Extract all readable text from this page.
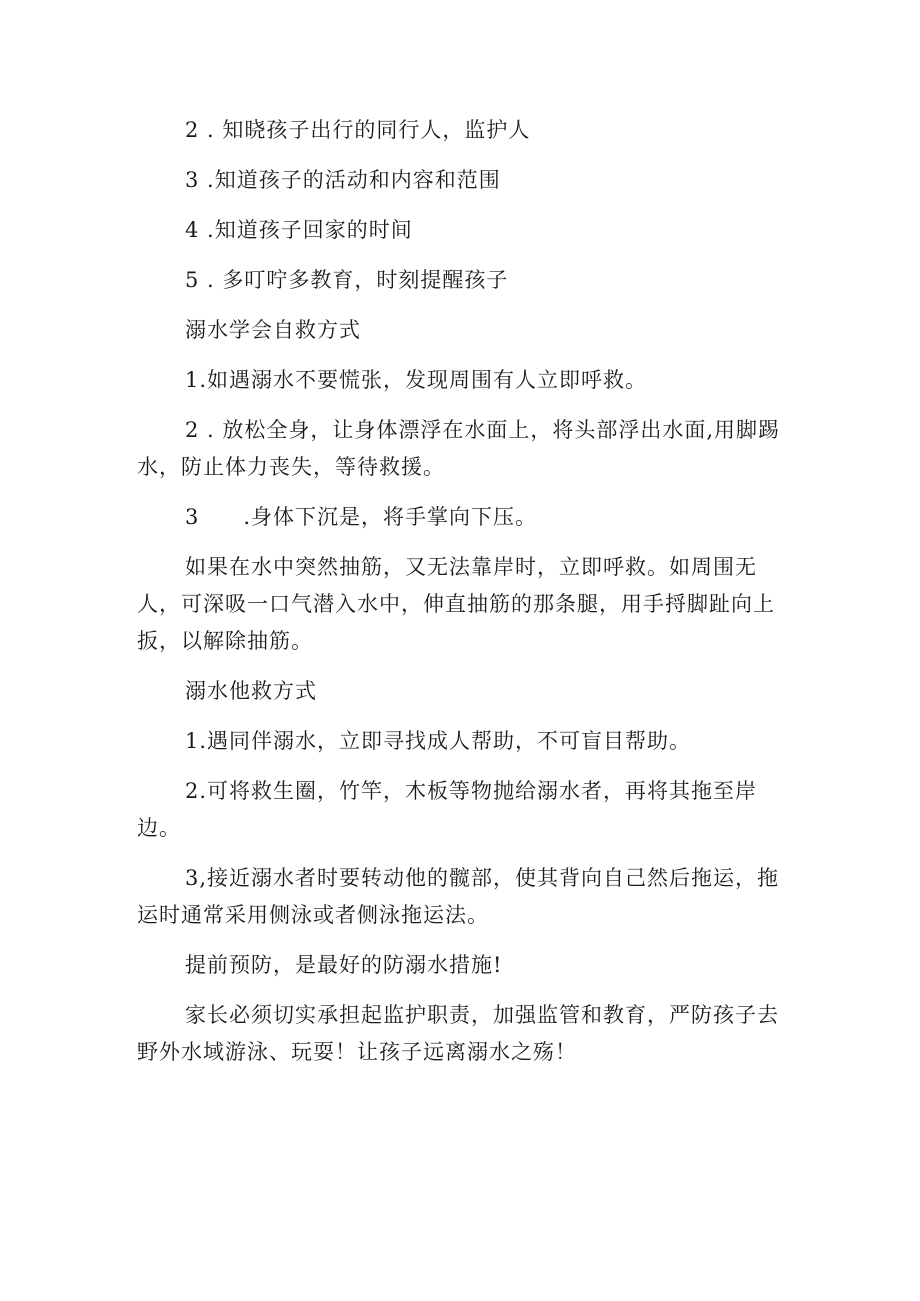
2 . 知晓孩子出行的同行人，监护人

3 .知道孩子的活动和内容和范围

4 .知道孩子回家的时间

5 . 多叮咛多教育，时刻提醒孩子

溺水学会自救方式

1.如遇溺水不要慌张，发现周围有人立即呼救。

2 . 放松全身，让身体漂浮在水面上，将头部浮出水面,用脚踢水，防止体力丧失，等待救援。

3　　.身体下沉是，将手掌向下压。

如果在水中突然抽筋，又无法靠岸时，立即呼救。如周围无人，可深吸一口气潜入水中，伸直抽筋的那条腿，用手捋脚趾向上扳，以解除抽筋。

溺水他救方式

1.遇同伴溺水，立即寻找成人帮助，不可盲目帮助。

2.可将救生圈，竹竿，木板等物抛给溺水者，再将其拖至岸边。

3,接近溺水者时要转动他的髋部，使其背向自己然后拖运，拖运时通常采用侧泳或者侧泳拖运法。

提前预防，是最好的防溺水措施!

家长必须切实承担起监护职责，加强监管和教育，严防孩子去野外水域游泳、玩耍！让孩子远离溺水之殇！
